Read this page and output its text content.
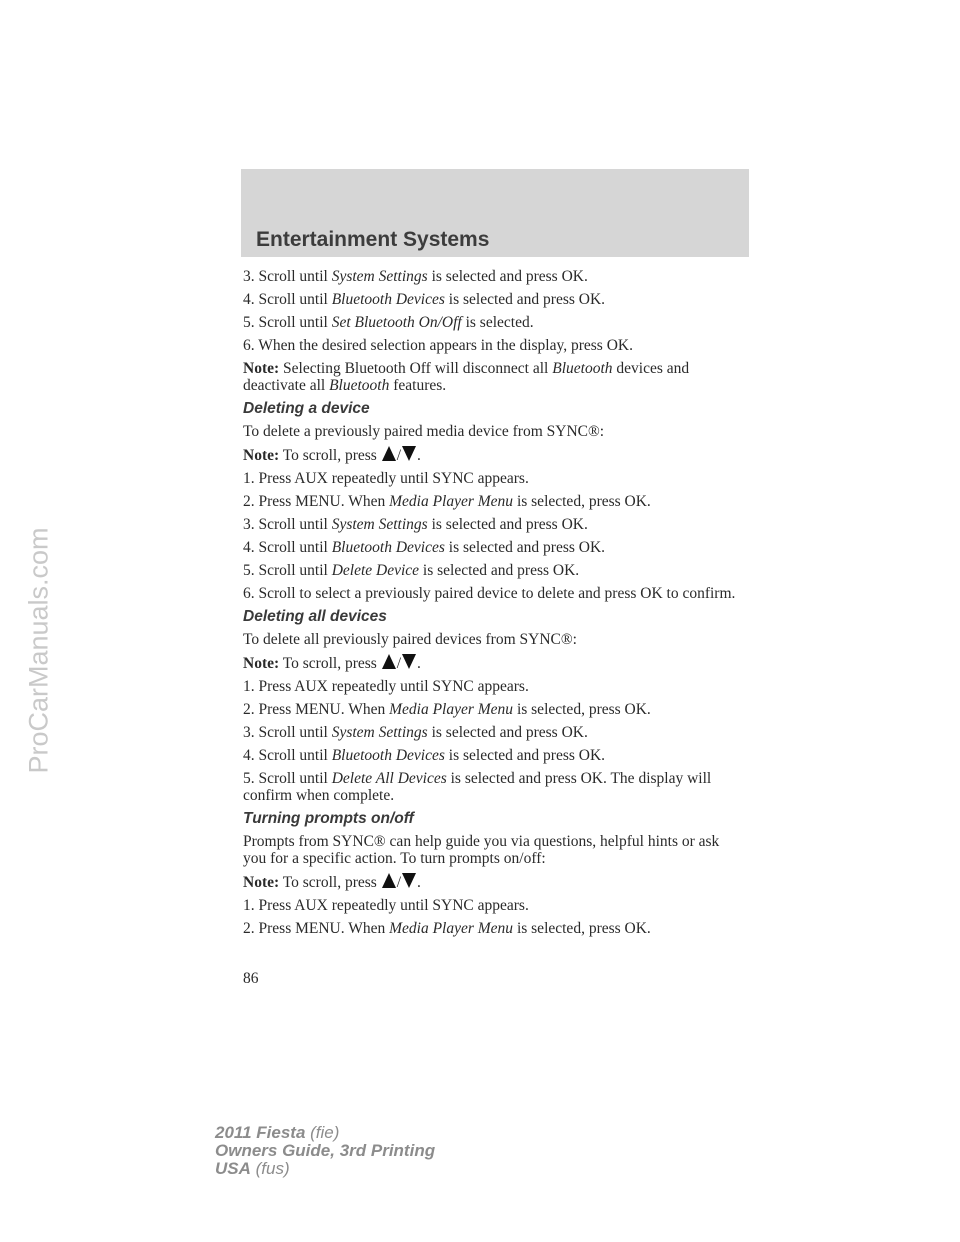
ProCarManuals.com
Entertainment Systems

3. Scroll until System Settings is selected and press OK.

4. Scroll until Bluetooth Devices is selected and press OK.

5. Scroll until Set Bluetooth On/Off is selected.

6. When the desired selection appears in the display, press OK.

Note: Selecting Bluetooth Off will disconnect all Bluetooth devices and deactivate all Bluetooth features.

Deleting a device

To delete a previously paired media device from SYNC®:

Note: To scroll, press / .

1. Press AUX repeatedly until SYNC appears.

2. Press MENU. When Media Player Menu is selected, press OK.

3. Scroll until System Settings is selected and press OK.

4. Scroll until Bluetooth Devices is selected and press OK.

5. Scroll until Delete Device is selected and press OK.

6. Scroll to select a previously paired device to delete and press OK to confirm.

Deleting all devices

To delete all previously paired devices from SYNC®:

Note: To scroll, press / .

1. Press AUX repeatedly until SYNC appears.

2. Press MENU. When Media Player Menu is selected, press OK.

3. Scroll until System Settings is selected and press OK.

4. Scroll until Bluetooth Devices is selected and press OK.

5. Scroll until Delete All Devices is selected and press OK. The display will confirm when complete.

Turning prompts on/off

Prompts from SYNC® can help guide you via questions, helpful hints or ask you for a specific action. To turn prompts on/off:

Note: To scroll, press / .

1. Press AUX repeatedly until SYNC appears.

2. Press MENU. When Media Player Menu is selected, press OK.

86
2011 Fiesta (fie)
Owners Guide, 3rd Printing
USA (fus)
